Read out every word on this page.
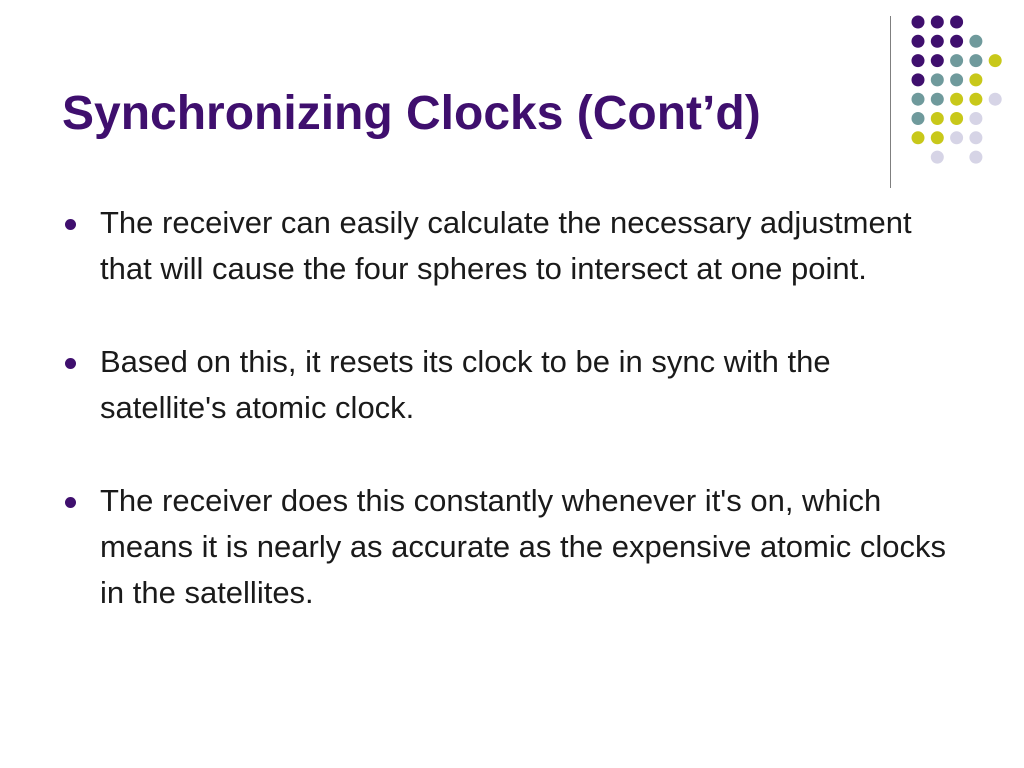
Synchronizing Clocks (Cont’d)
The receiver can easily calculate the necessary adjustment that will cause the four spheres to intersect at one point.
Based on this, it resets its clock to be in sync with the satellite's atomic clock.
The receiver does this constantly whenever it's on, which means it is nearly as accurate as the expensive atomic clocks in the satellites.
